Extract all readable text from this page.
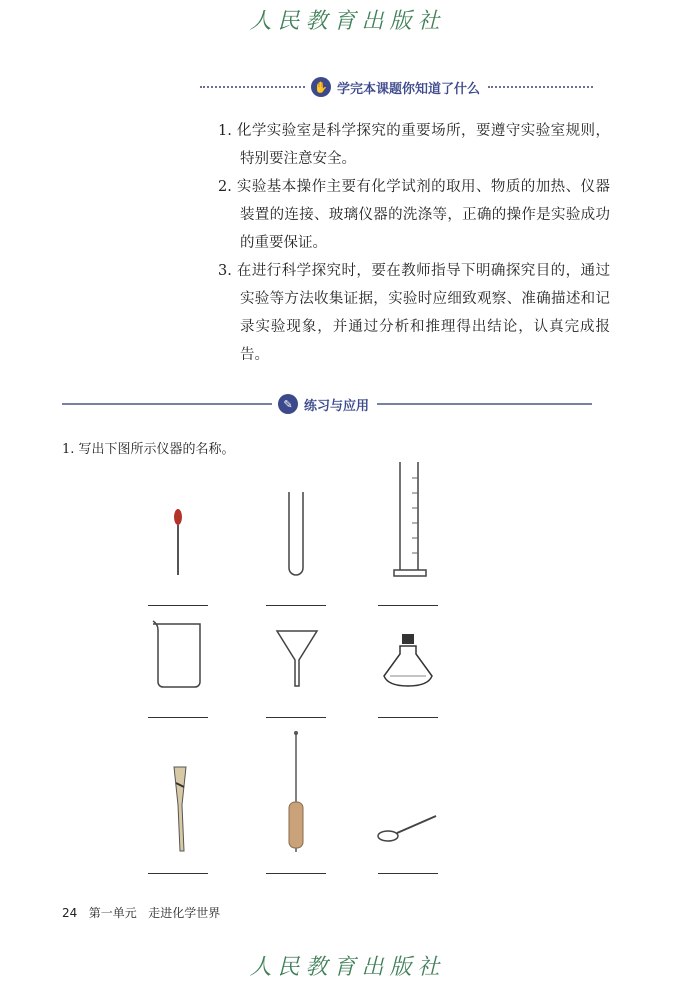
人民教育出版社
✋ 学完本课题你知道了什么
1. 化学实验室是科学探究的重要场所，要遵守实验室规则，特别要注意安全。
2. 实验基本操作主要有化学试剂的取用、物质的加热、仪器装置的连接、玻璃仪器的洗涤等，正确的操作是实验成功的重要保证。
3. 在进行科学探究时，要在教师指导下明确探究目的，通过实验等方法收集证据，实验时应细致观察、准确描述和记录实验现象，并通过分析和推理得出结论，认真完成报告。
✎ 练习与应用
1. 写出下图所示仪器的名称。
24 第一单元 走进化学世界
人民教育出版社
